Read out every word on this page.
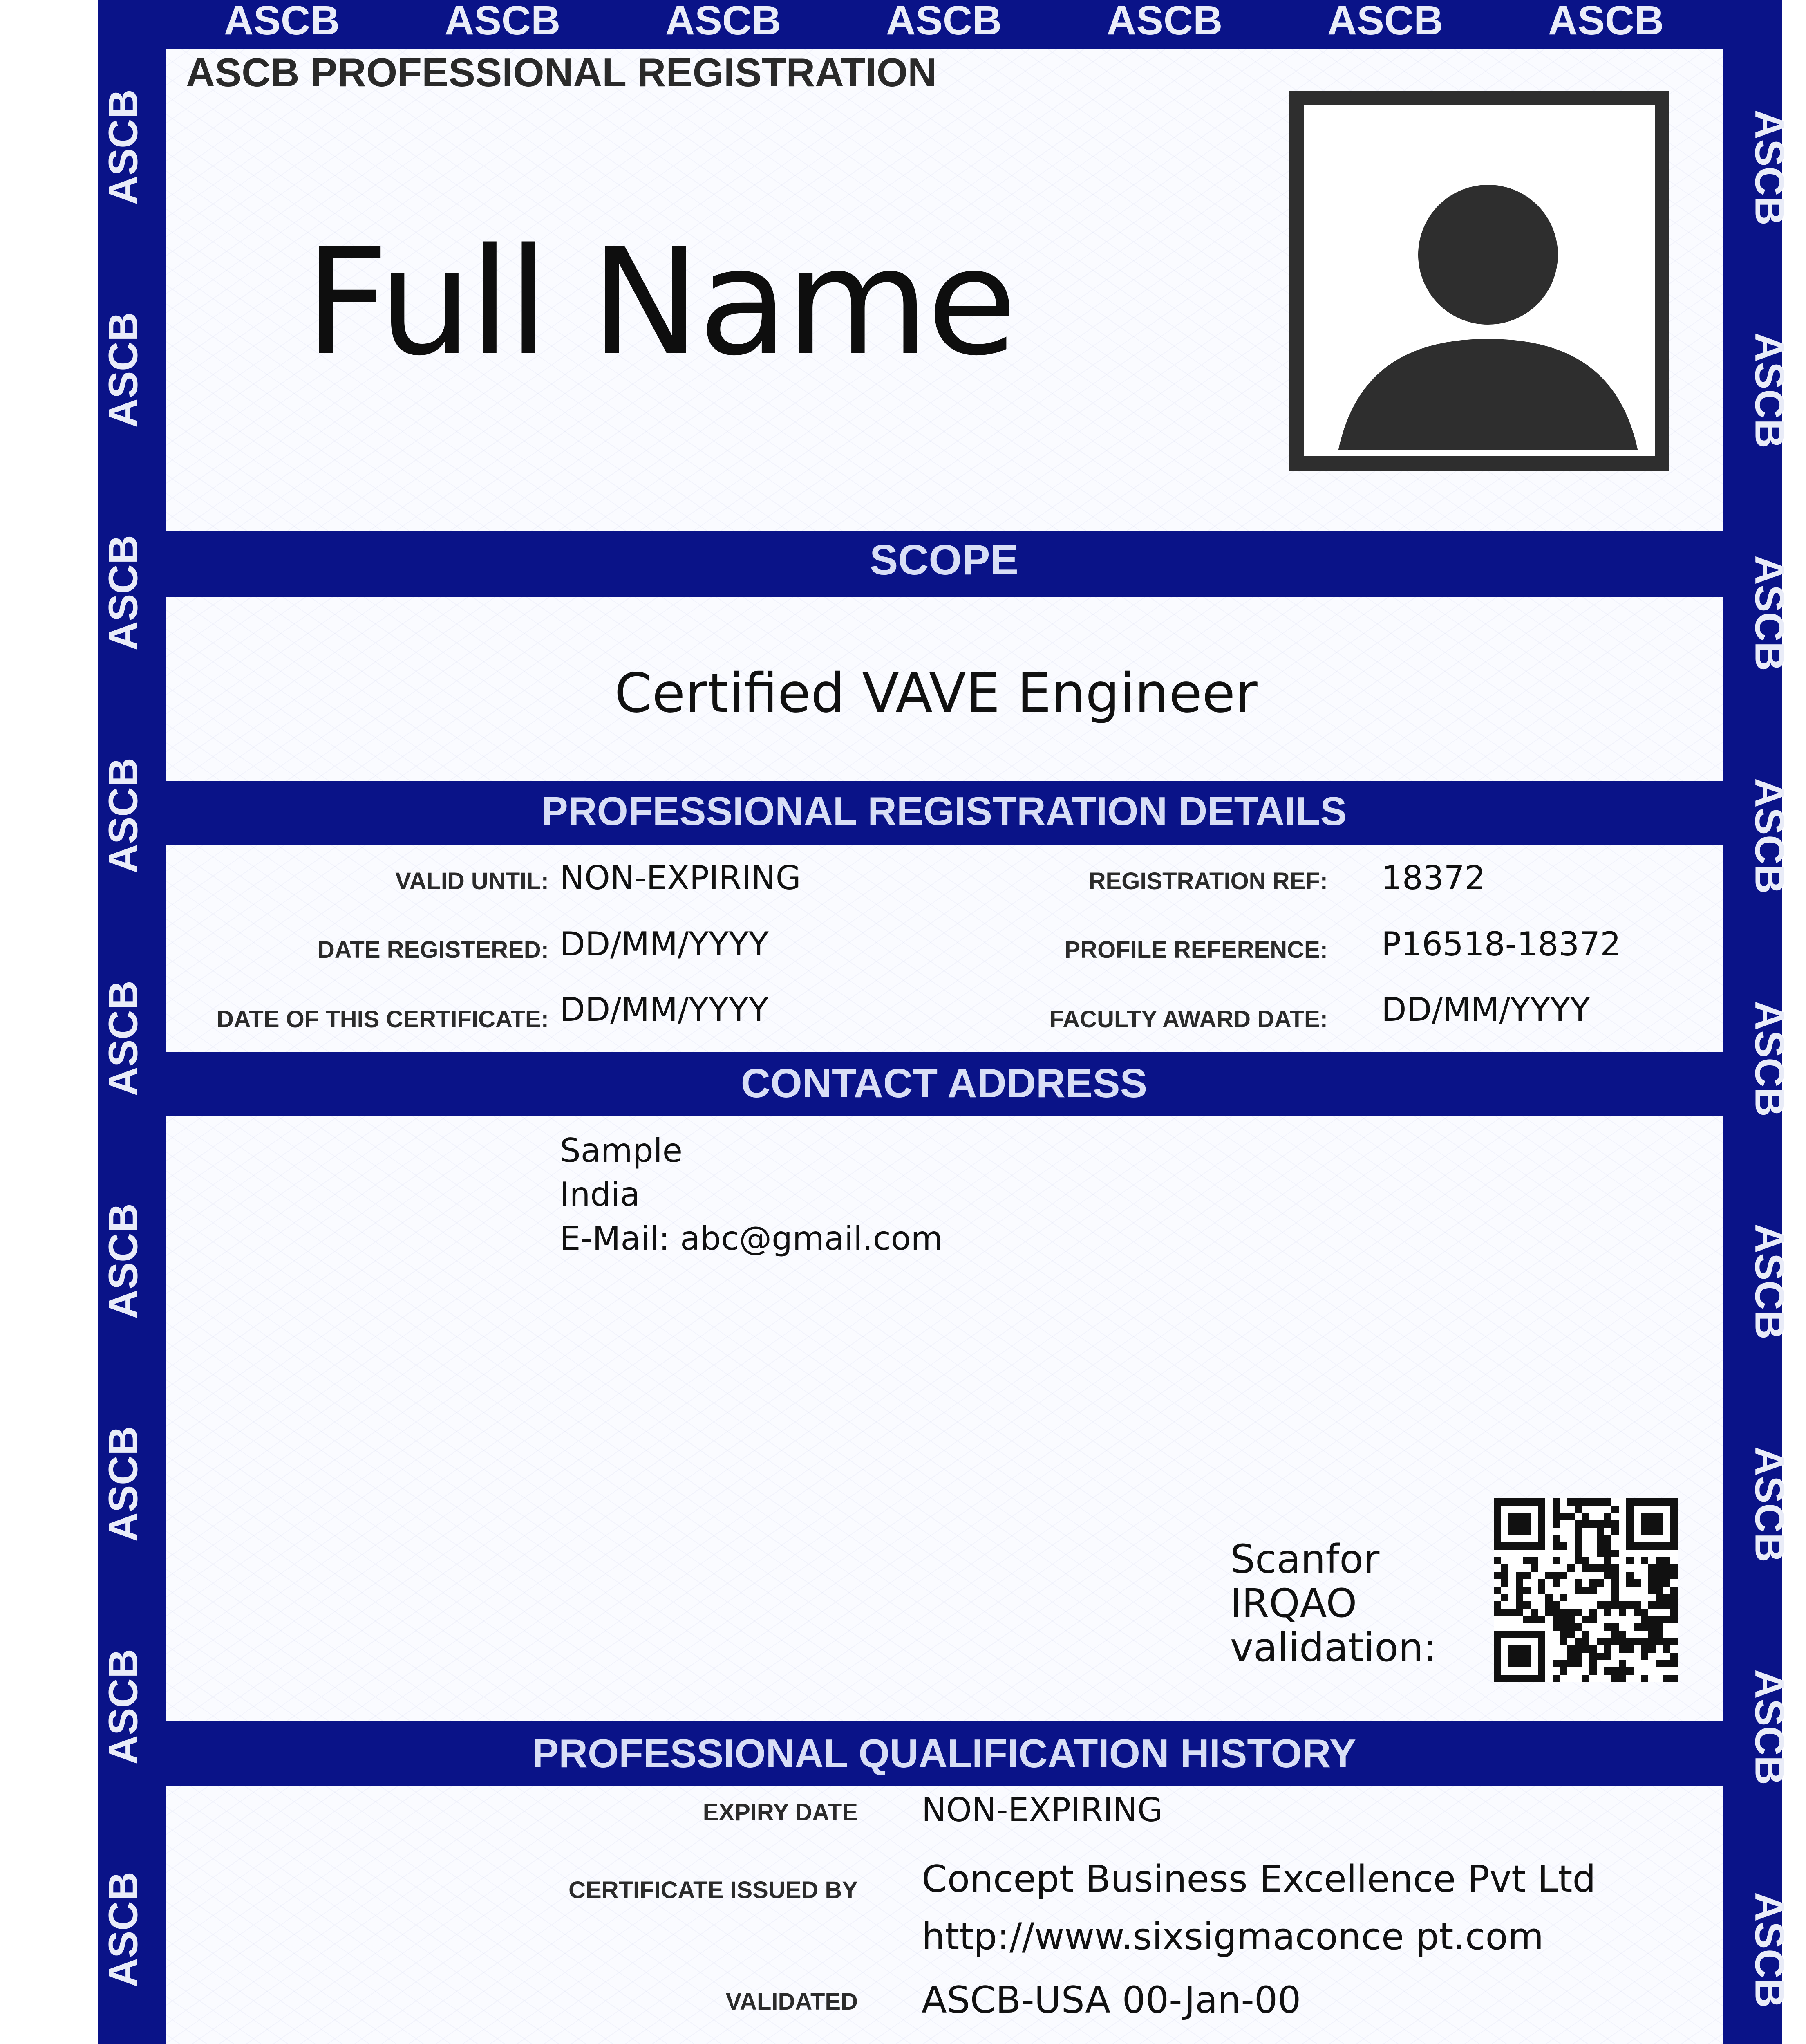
ASCB	ASCB	ASCB	ASCB	ASCB	ASCB	ASCB
ASCB
ASCB
ASCB
ASCB
ASCB
ASCB
ASCB
ASCB
ASCB
ASCB
ASCB
ASCB
ASCB
ASCB
ASCB
ASCB
ASCB
ASCB
ASCB PROFESSIONAL REGISTRATION
Full Name
SCOPE
Certified VAVE Engineer
PROFESSIONAL REGISTRATION DETAILS
VALID UNTIL: NON-EXPIRING
DATE REGISTERED: DD/MM/YYYY
DATE OF THIS CERTIFICATE: DD/MM/YYYY
REGISTRATION REF: 18372
PROFILE REFERENCE: P16518-18372
FACULTY AWARD DATE: DD/MM/YYYY
CONTACT ADDRESS
Sample
India
E-Mail: abc@gmail.com
Scanfor
IRQAO
validation:
PROFESSIONAL QUALIFICATION HISTORY
EXPIRY DATE NON-EXPIRING
CERTIFICATE ISSUED BY Concept Business Excellence Pvt Ltd
http://www.sixsigmaconce pt.com
VALIDATED ASCB-USA 00-Jan-00
